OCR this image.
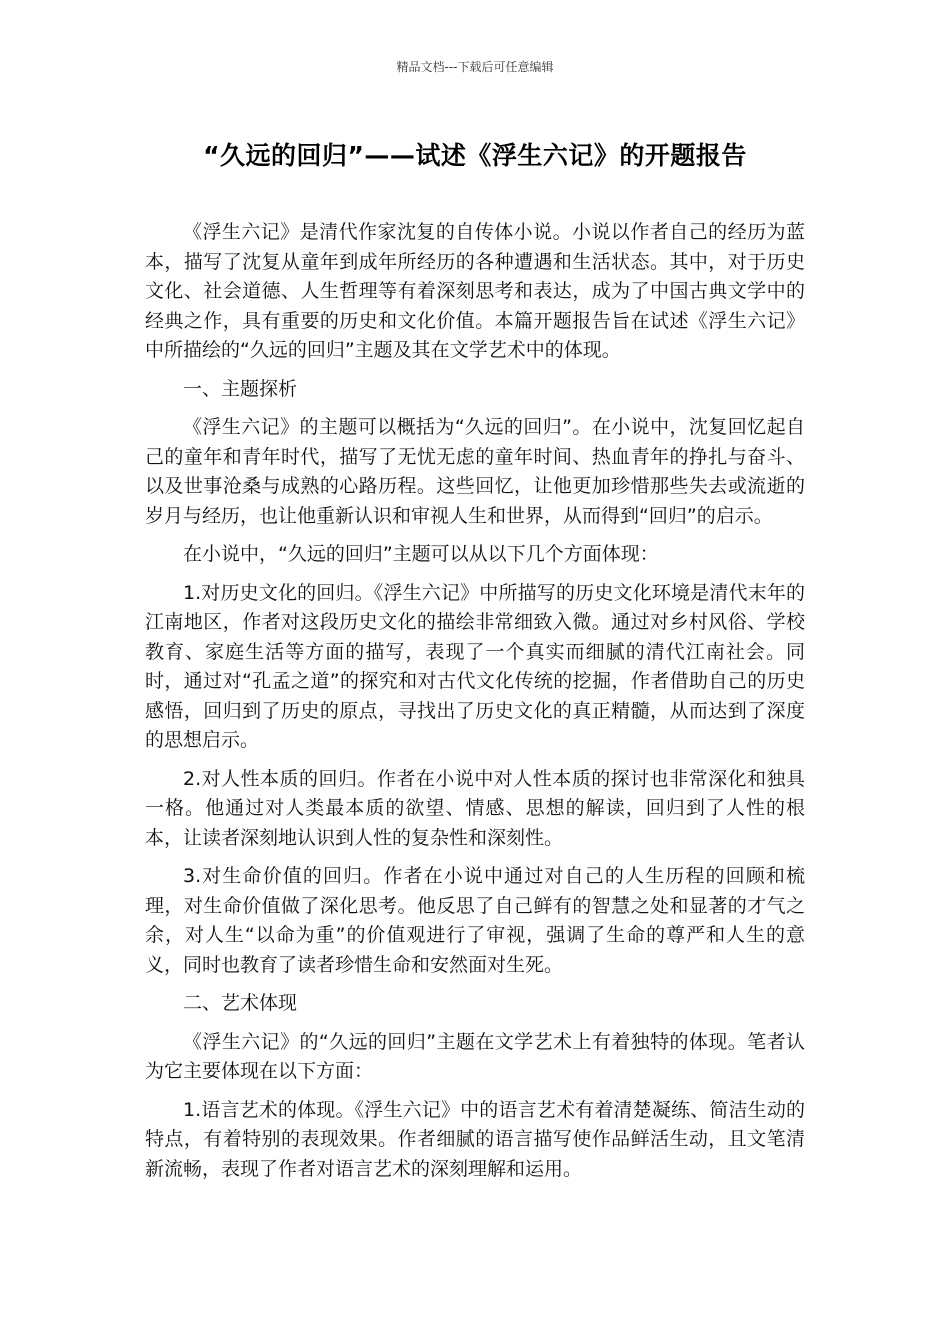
精品文档---下载后可任意编辑
“久远的回归”——试述《浮生六记》的开题报告

《浮生六记》是清代作家沈复的自传体小说。小说以作者自己的经历为蓝本，描写了沈复从童年到成年所经历的各种遭遇和生活状态。其中，对于历史文化、社会道德、人生哲理等有着深刻思考和表达，成为了中国古典文学中的经典之作，具有重要的历史和文化价值。本篇开题报告旨在试述《浮生六记》中所描绘的“久远的回归”主题及其在文学艺术中的体现。

一、主题探析

《浮生六记》的主题可以概括为“久远的回归”。在小说中，沈复回忆起自己的童年和青年时代，描写了无忧无虑的童年时间、热血青年的挣扎与奋斗、以及世事沧桑与成熟的心路历程。这些回忆，让他更加珍惜那些失去或流逝的岁月与经历，也让他重新认识和审视人生和世界，从而得到“回归”的启示。

在小说中，“久远的回归”主题可以从以下几个方面体现：

1.对历史文化的回归。《浮生六记》中所描写的历史文化环境是清代末年的江南地区，作者对这段历史文化的描绘非常细致入微。通过对乡村风俗、学校教育、家庭生活等方面的描写，表现了一个真实而细腻的清代江南社会。同时，通过对“孔孟之道”的探究和对古代文化传统的挖掘，作者借助自己的历史感悟，回归到了历史的原点，寻找出了历史文化的真正精髓，从而达到了深度的思想启示。

2.对人性本质的回归。作者在小说中对人性本质的探讨也非常深化和独具一格。他通过对人类最本质的欲望、情感、思想的解读，回归到了人性的根本，让读者深刻地认识到人性的复杂性和深刻性。

3.对生命价值的回归。作者在小说中通过对自己的人生历程的回顾和梳理，对生命价值做了深化思考。他反思了自己鲜有的智慧之处和显著的才气之余，对人生“以命为重”的价值观进行了审视，强调了生命的尊严和人生的意义，同时也教育了读者珍惜生命和安然面对生死。

二、艺术体现

《浮生六记》的“久远的回归”主题在文学艺术上有着独特的体现。笔者认为它主要体现在以下方面：

1.语言艺术的体现。《浮生六记》中的语言艺术有着清楚凝练、简洁生动的特点，有着特别的表现效果。作者细腻的语言描写使作品鲜活生动，且文笔清新流畅，表现了作者对语言艺术的深刻理解和运用。
